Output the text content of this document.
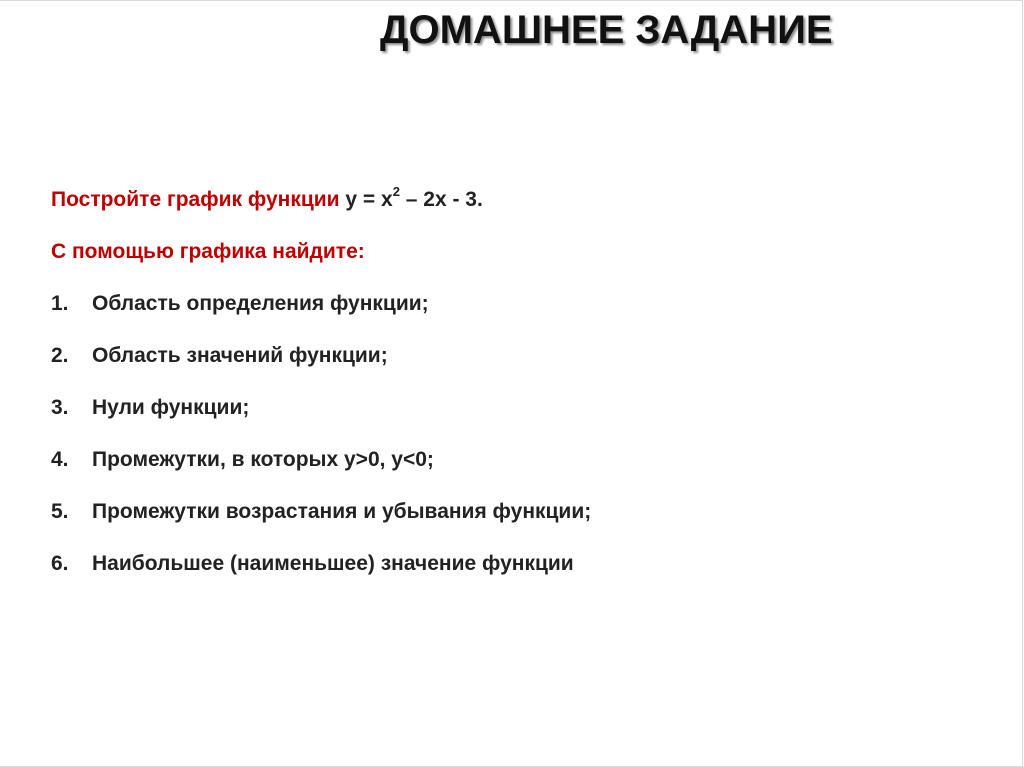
ДОМАШНЕЕ ЗАДАНИЕ
Постройте график функции $у = х^2 - 2х - 3$.
С помощью графика найдите:
1.	Область определения функции;
2.	Область значений функции;
3.	Нули функции;
4.	Промежутки, в которых у>0, у<0;
5.	Промежутки возрастания и убывания функции;
6.	Наибольшее (наименьшее) значение функции
